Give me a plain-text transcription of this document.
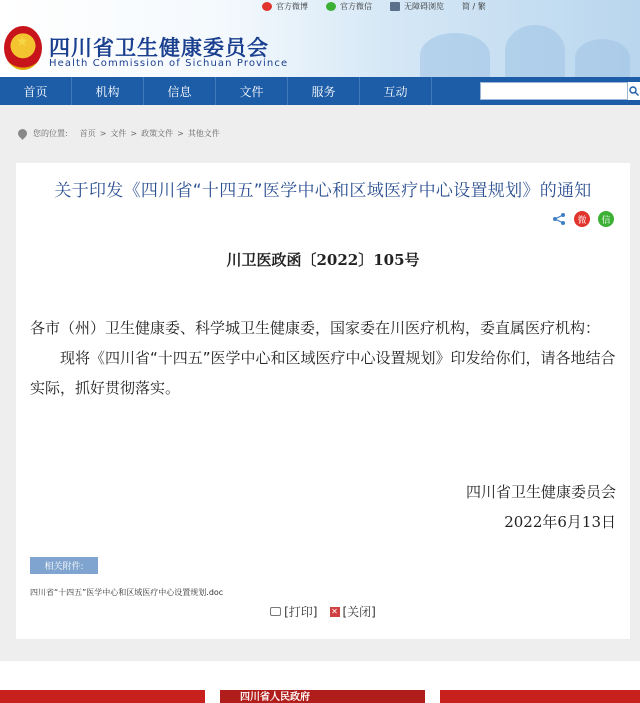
官方微博	官方微信	无障碍浏览 简 / 繁
★ 四川省卫生健康委员会
Health Commission of Sichuan Province
首页	机构	信息	文件	服务	互动
您的位置: 首页 > 文件 > 政策文件 > 其他文件
关于印发《四川省“十四五”医学中心和区域医疗中心设置规划》的通知
微	信
川卫医政函〔2022〕105号

各市（州）卫生健康委、科学城卫生健康委，国家委在川医疗机构，委直属医疗机构：

现将《四川省“十四五”医学中心和区域医疗中心设置规划》印发给你们，请各地结合实际，抓好贯彻落实。

四川省卫生健康委员会
2022年6月13日
相关附件:
四川省“十四五”医学中心和区域医疗中心设置规划.doc
[打印] ✕ [关闭]
四川省人民政府
